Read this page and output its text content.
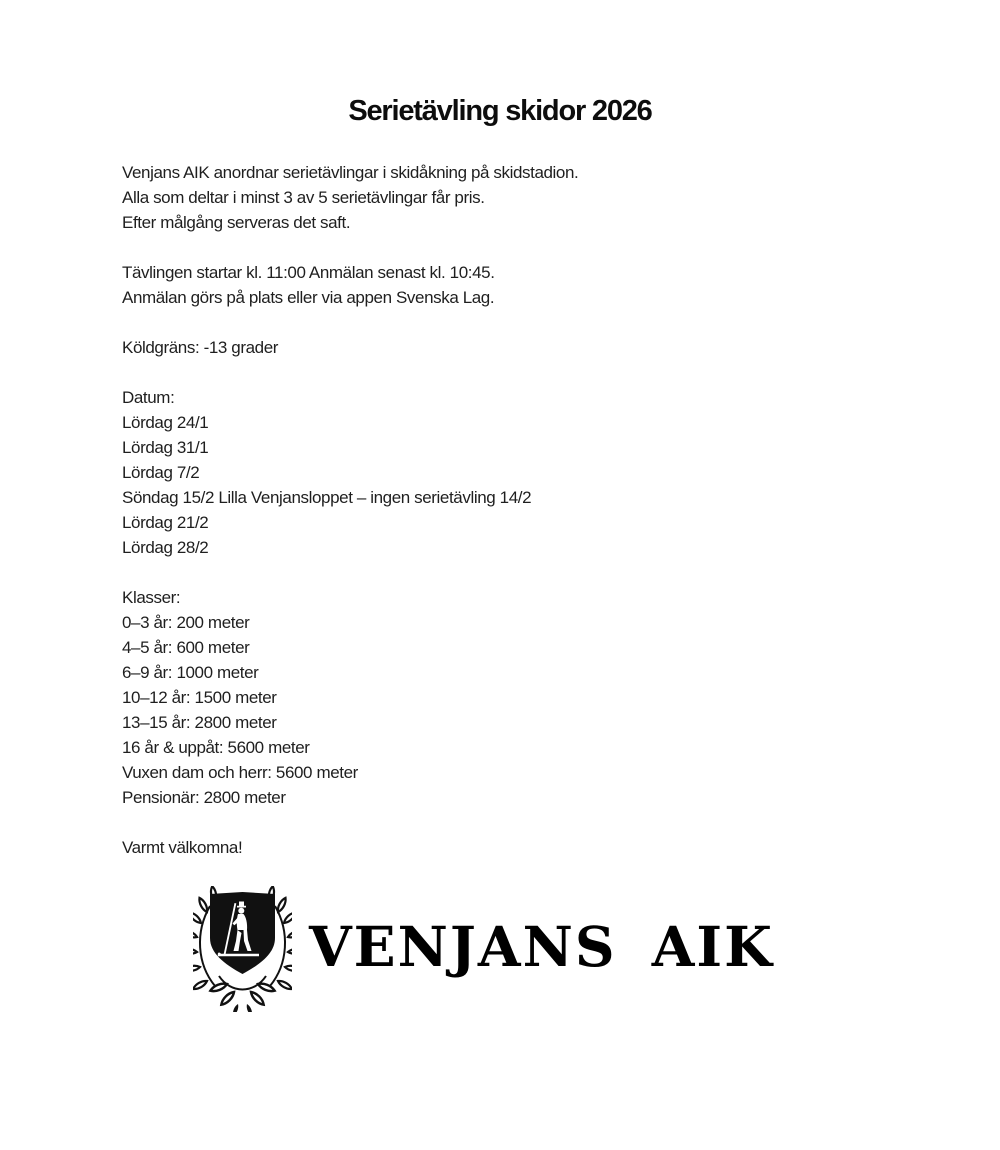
Serietävling skidor 2026
Venjans AIK anordnar serietävlingar i skidåkning på skidstadion.
Alla som deltar i minst 3 av 5 serietävlingar får pris.
Efter målgång serveras det saft.
Tävlingen startar kl. 11:00 Anmälan senast kl. 10:45.
Anmälan görs på plats eller via appen Svenska Lag.
Köldgräns: -13 grader
Datum:
Lördag 24/1
Lördag 31/1
Lördag 7/2
Söndag 15/2 Lilla Venjansloppet – ingen serietävling 14/2
Lördag 21/2
Lördag 28/2
Klasser:
0–3 år: 200 meter
4–5 år: 600 meter
6–9 år: 1000 meter
10–12 år: 1500 meter
13–15 år: 2800 meter
16 år & uppåt: 5600 meter
Vuxen dam och herr: 5600 meter
Pensionär: 2800 meter
Varmt välkomna!
VENJANS AIK
